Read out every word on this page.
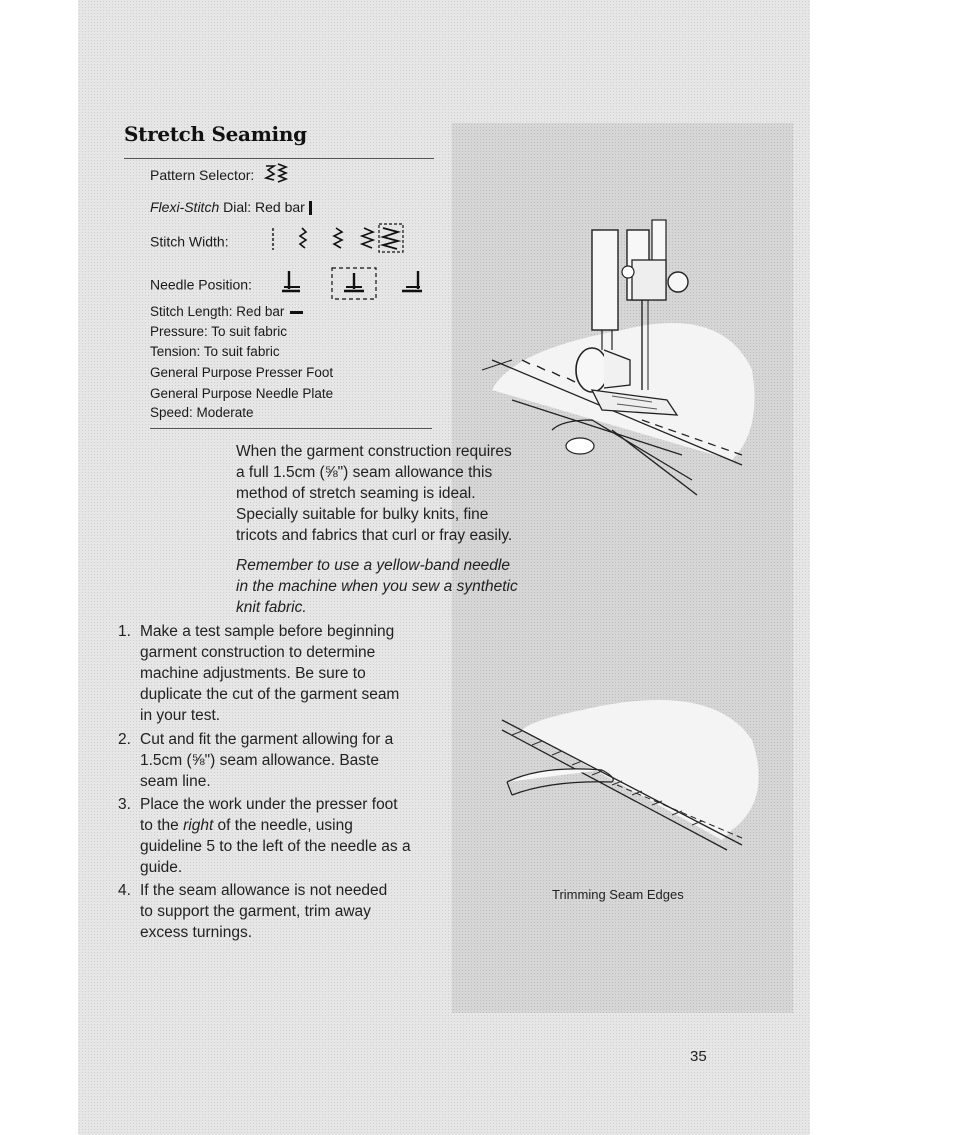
Stretch Seaming
Pattern Selector:
Flexi-Stitch Dial: Red bar
Stitch Width:
Needle Position:
Stitch Length: Red bar
Pressure: To suit fabric
Tension: To suit fabric
General Purpose Presser Foot
General Purpose Needle Plate
Speed: Moderate
When the garment construction requires
a full 1.5cm (⅝") seam allowance this
method of stretch seaming is ideal.
Specially suitable for bulky knits, fine
tricots and fabrics that curl or fray easily.
Remember to use a yellow-band needle
in the machine when you sew a synthetic
knit fabric.
1. Make a test sample before beginning
garment construction to determine
machine adjustments. Be sure to
duplicate the cut of the garment seam
in your test.
2. Cut and fit the garment allowing for a
1.5cm (⅝") seam allowance. Baste
seam line.
3. Place the work under the presser foot
to the right of the needle, using
guideline 5 to the left of the needle as a
guide.
4. If the seam allowance is not needed
to support the garment, trim away
excess turnings.
Trimming Seam Edges
35
